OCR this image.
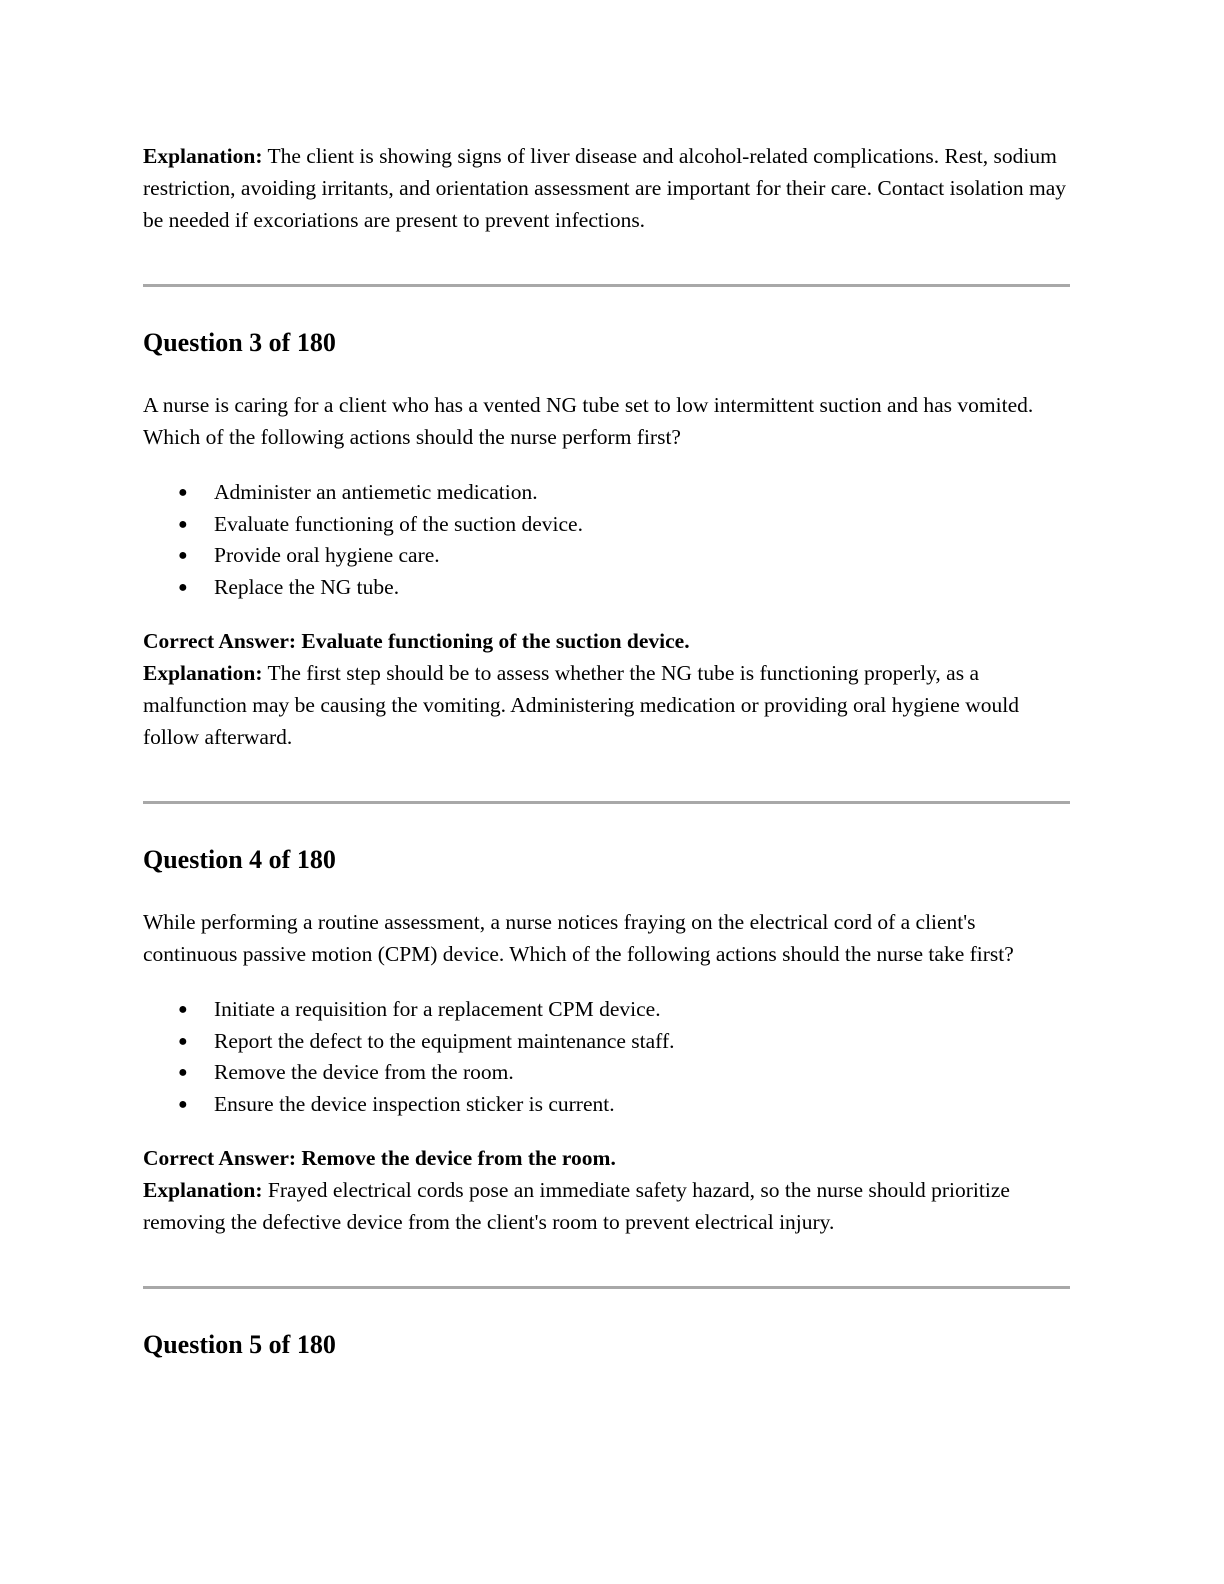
Explanation: The client is showing signs of liver disease and alcohol-related complications. Rest, sodium restriction, avoiding irritants, and orientation assessment are important for their care. Contact isolation may be needed if excoriations are present to prevent infections.

Question 3 of 180

A nurse is caring for a client who has a vented NG tube set to low intermittent suction and has vomited. Which of the following actions should the nurse perform first?

● Administer an antiemetic medication.
● Evaluate functioning of the suction device.
● Provide oral hygiene care.
● Replace the NG tube.

Correct Answer: Evaluate functioning of the suction device.

Explanation: The first step should be to assess whether the NG tube is functioning properly, as a malfunction may be causing the vomiting. Administering medication or providing oral hygiene would follow afterward.

Question 4 of 180

While performing a routine assessment, a nurse notices fraying on the electrical cord of a client's continuous passive motion (CPM) device. Which of the following actions should the nurse take first?

● Initiate a requisition for a replacement CPM device.
● Report the defect to the equipment maintenance staff.
● Remove the device from the room.
● Ensure the device inspection sticker is current.

Correct Answer: Remove the device from the room.

Explanation: Frayed electrical cords pose an immediate safety hazard, so the nurse should prioritize removing the defective device from the client's room to prevent electrical injury.

Question 5 of 180
